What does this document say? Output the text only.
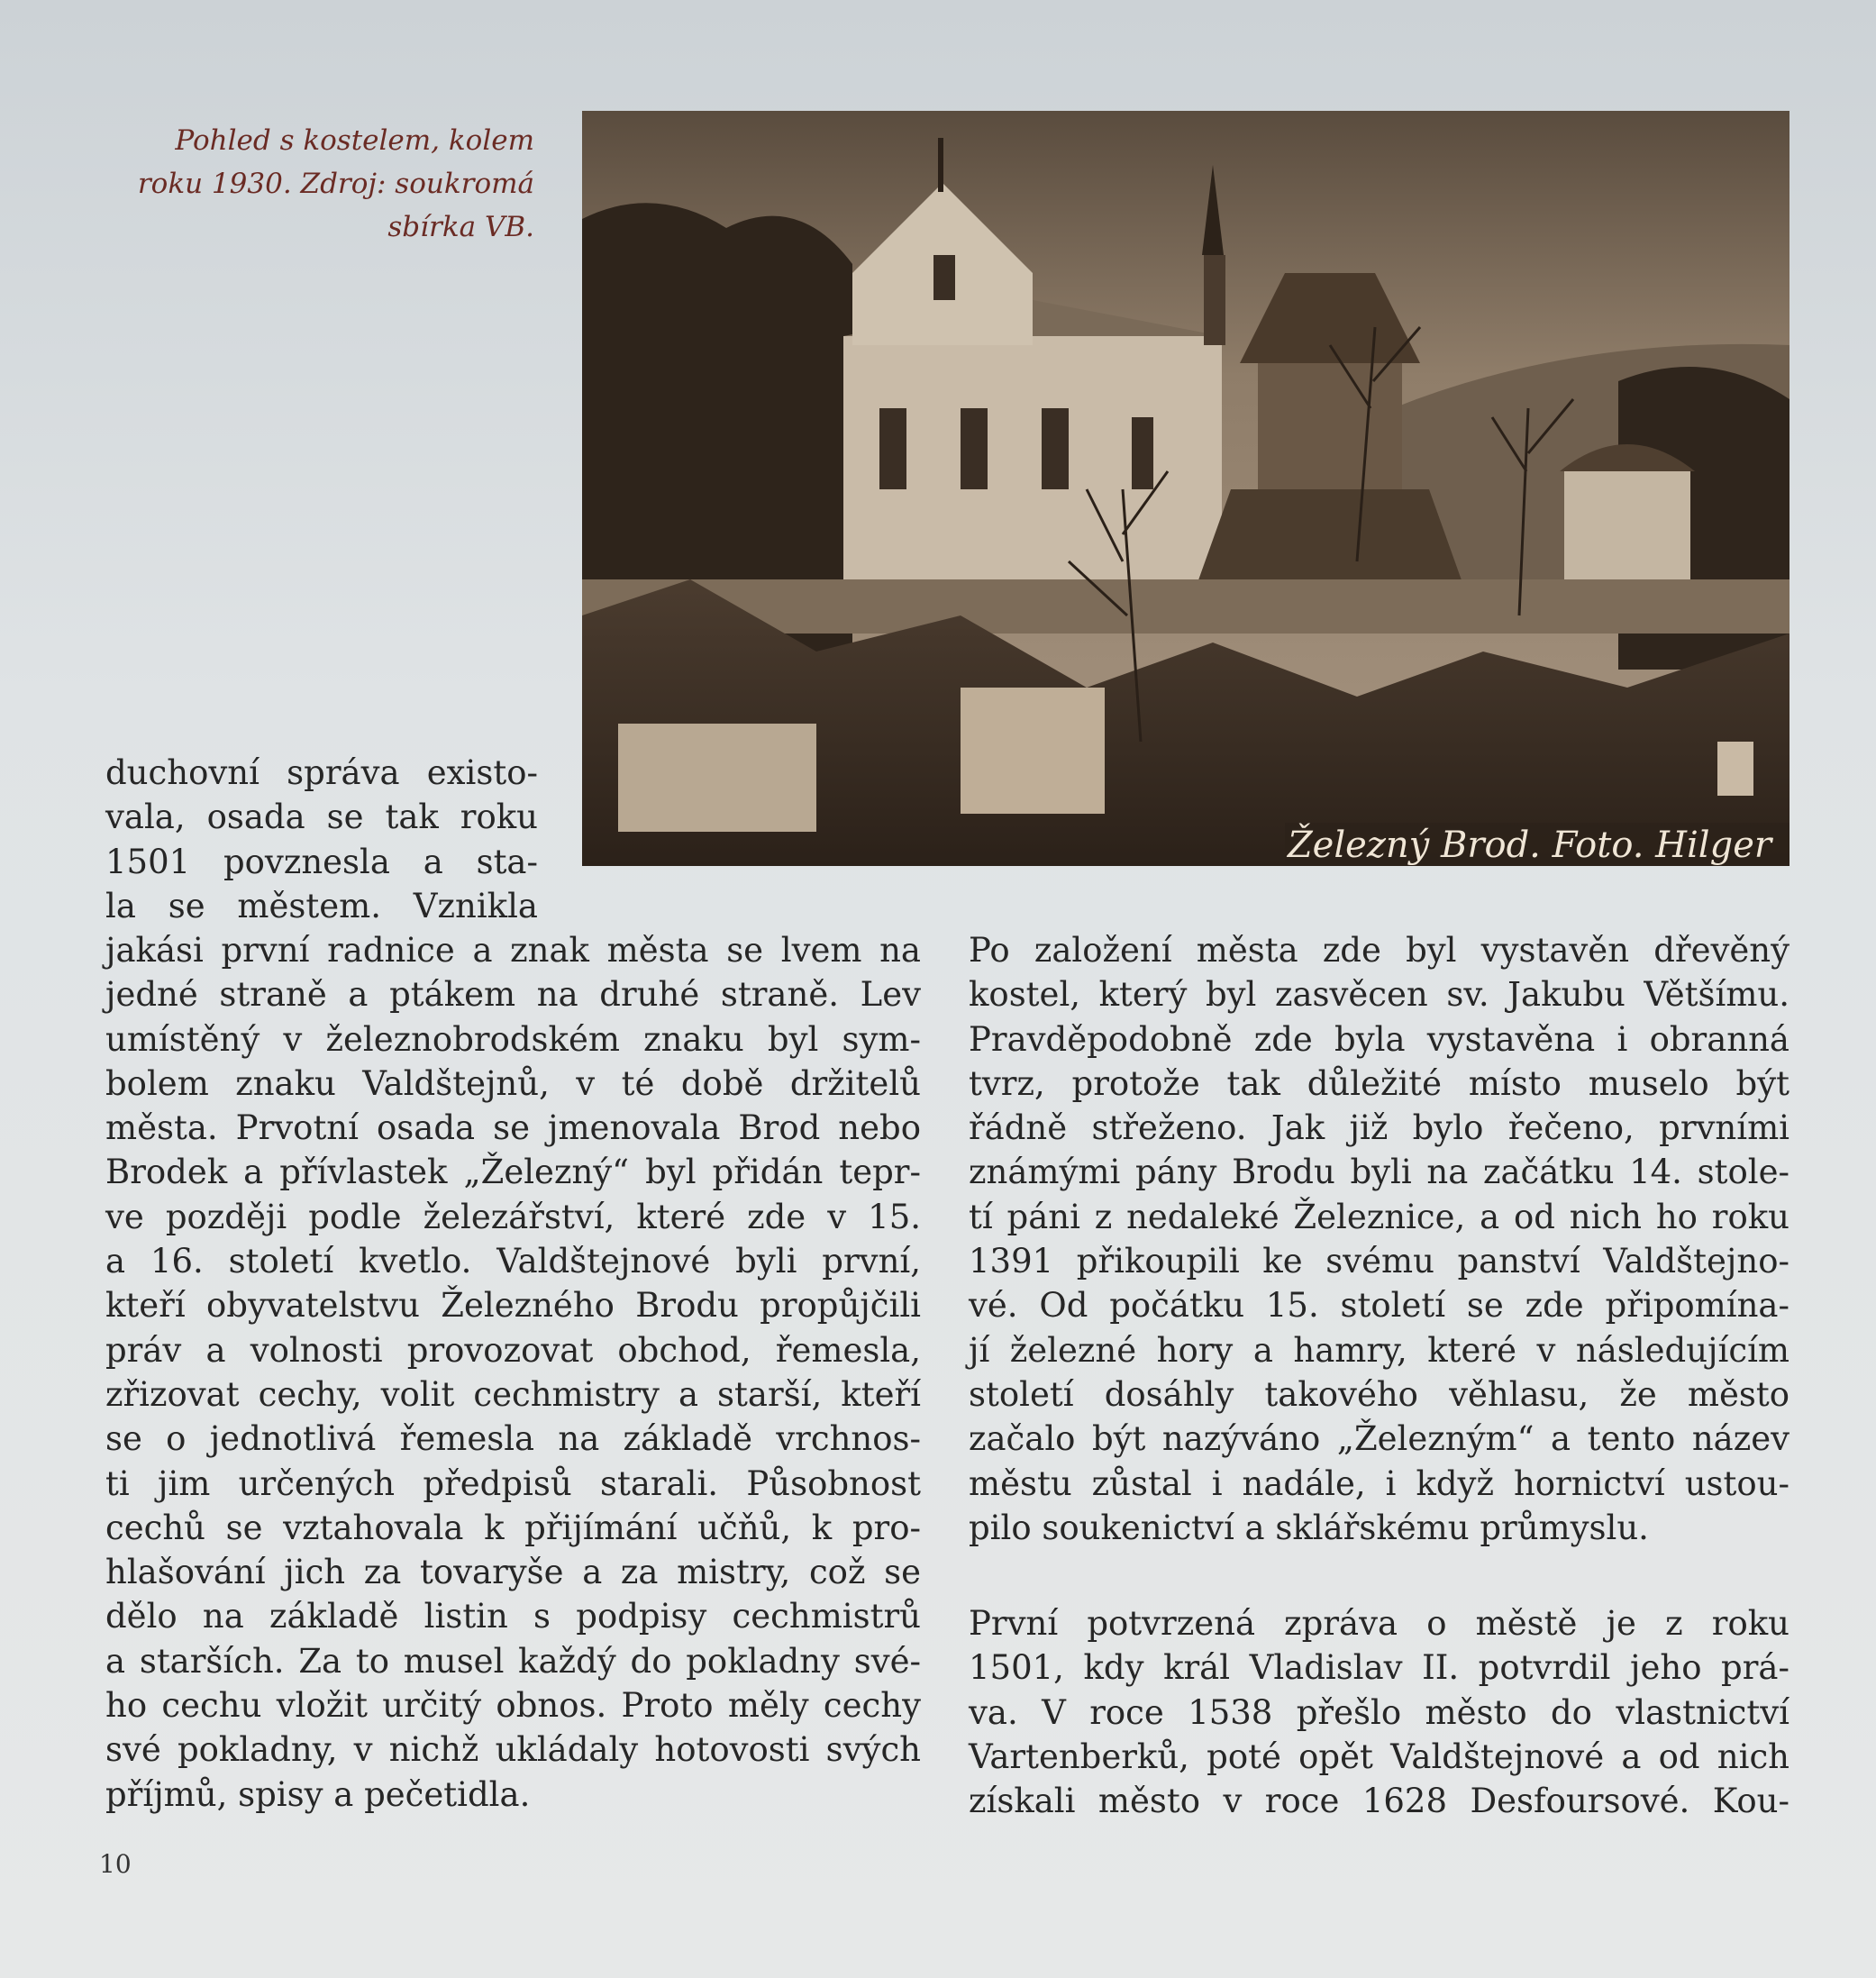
Pohled s kostelem, kolem
roku 1930. Zdroj: soukromá
sbírka VB.
Železný Brod. Foto. Hilger
duchovní správa existo-
vala, osada se tak roku
1501 povznesla a sta-
la se městem. Vznikla
jakási první radnice a znak města se lvem na
jedné straně a ptákem na druhé straně. Lev
umístěný v železnobrodském znaku byl sym-
bolem znaku Valdštejnů, v té době držitelů
města. Prvotní osada se jmenovala Brod nebo
Brodek a přívlastek „Železný“ byl přidán tepr-
ve později podle železářství, které zde v 15.
a 16. století kvetlo. Valdštejnové byli první,
kteří obyvatelstvu Železného Brodu propůjčili
práv a volnosti provozovat obchod, řemesla,
zřizovat cechy, volit cechmistry a starší, kteří
se o jednotlivá řemesla na základě vrchnos-
ti jim určených předpisů starali. Působnost
cechů se vztahovala k přijímání učňů, k pro-
hlašování jich za tovaryše a za mistry, což se
dělo na základě listin s podpisy cechmistrů
a starších. Za to musel každý do pokladny své-
ho cechu vložit určitý obnos. Proto měly cechy
své pokladny, v nichž ukládaly hotovosti svých
příjmů, spisy a pečetidla.
Po založení města zde byl vystavěn dřevěný
kostel, který byl zasvěcen sv. Jakubu Většímu.
Pravděpodobně zde byla vystavěna i obranná
tvrz, protože tak důležité místo muselo být
řádně střeženo. Jak již bylo řečeno, prvními
známými pány Brodu byli na začátku 14. stole-
tí páni z nedaleké Železnice, a od nich ho roku
1391 přikoupili ke svému panství Valdštejno-
vé. Od počátku 15. století se zde připomína-
jí železné hory a hamry, které v následujícím
století dosáhly takového věhlasu, že město
začalo být nazýváno „Železným“ a tento název
městu zůstal i nadále, i když hornictví ustou-
pilo soukenictví a sklářskému průmyslu.
První potvrzená zpráva o městě je z roku
1501, kdy král Vladislav II. potvrdil jeho prá-
va. V roce 1538 přešlo město do vlastnictví
Vartenberků, poté opět Valdštejnové a od nich
získali město v roce 1628 Desfoursové. Kou-
10
